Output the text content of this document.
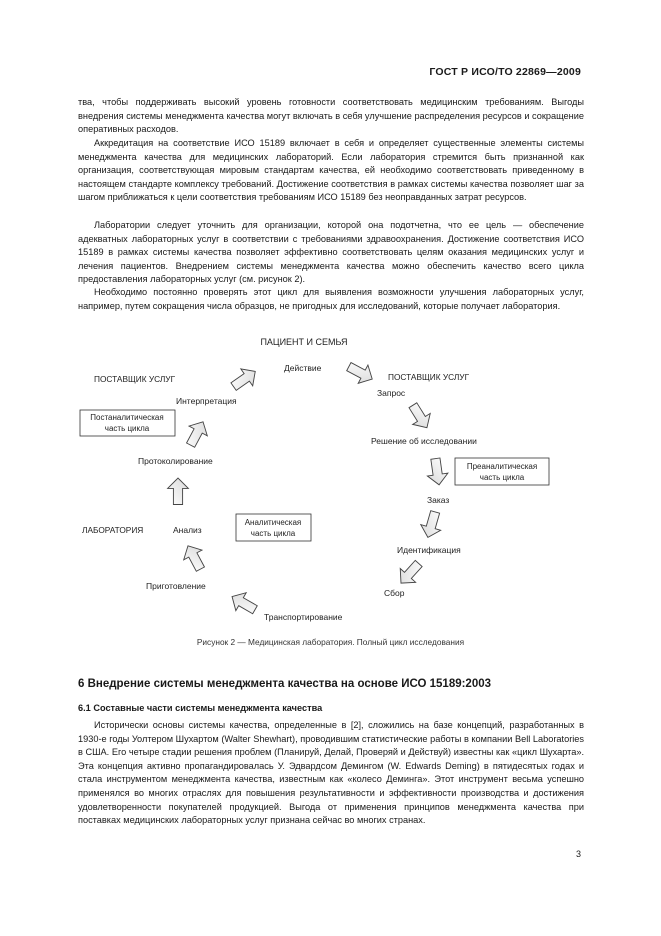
ГОСТ Р ИСО/ТО 22869—2009

тва, чтобы поддерживать высокий уровень готовности соответствовать медицинским требованиям. Выгоды внедрения системы менеджмента качества могут включать в себя улучшение распределения ресурсов и сокращение оперативных расходов.

Аккредитация на соответствие ИСО 15189 включает в себя и определяет существенные элементы системы менеджмента качества для медицинских лабораторий. Если лаборатория стремится быть признанной как организация, соответствующая мировым стандартам качества, ей необходимо соответствовать приведенному в настоящем стандарте комплексу требований. Достижение соответствия в рамках системы качества позволяет шаг за шагом приближаться к цели соответствия требованиям ИСО 15189 без неоправданных затрат ресурсов.

Лаборатории следует уточнить для организации, которой она подотчетна, что ее цель — обеспечение адекватных лабораторных услуг в соответствии с требованиями здравоохранения. Достижение соответствия ИСО 15189 в рамках системы качества позволяет эффективно соответствовать целям оказания медицинских услуг и лечения пациентов. Внедрением системы менеджмента качества можно обеспечить качество всего цикла предоставления лабораторных услуг (см. рисунок 2).

Необходимо постоянно проверять этот цикл для выявления возможности улучшения лабораторных услуг, например, путем сокращения числа образцов, не пригодных для исследований, которые получает лаборатория.

ПАЦИЕНТ И СЕМЬЯ
ПОСТАВЩИК УСЛУГ	ПОСТАВЩИК УСЛУГ
ЛАБОРАТОРИЯ
Действие
Запрос
Решение об исследовании
Заказ
Идентификация
Сбор
Транспортирование
Приготовление
Анализ
Протоколирование
Интерпретация
Постаналитическая
часть цикла
Преаналитическая
часть цикла
Аналитическая
часть цикла
Рисунок 2 — Медицинская лаборатория. Полный цикл исследования
6 Внедрение системы менеджмента качества на основе ИСО 15189:2003
6.1 Составные части системы менеджмента качества

Исторически основы системы качества, определенные в [2], сложились на базе концепций, разработанных в 1930-е годы Уолтером Шухартом (Walter Shewhart), проводившим статистические работы в компании Bell Laboratories в США. Его четыре стадии решения проблем (Планируй, Делай, Проверяй и Действуй) известны как «цикл Шухарта». Эта концепция активно пропагандировалась У. Эдвардсом Демингом (W. Edwards Deming) в пятидесятых годах и стала инструментом менеджмента качества, известным как «колесо Деминга». Этот инструмент весьма успешно применялся во многих отраслях для повышения результативности и эффективности производства и достижения удовлетворенности покупателей продукцией. Выгода от применения принципов менеджмента качества при поставках медицинских лабораторных услуг признана сейчас во многих странах.

3
